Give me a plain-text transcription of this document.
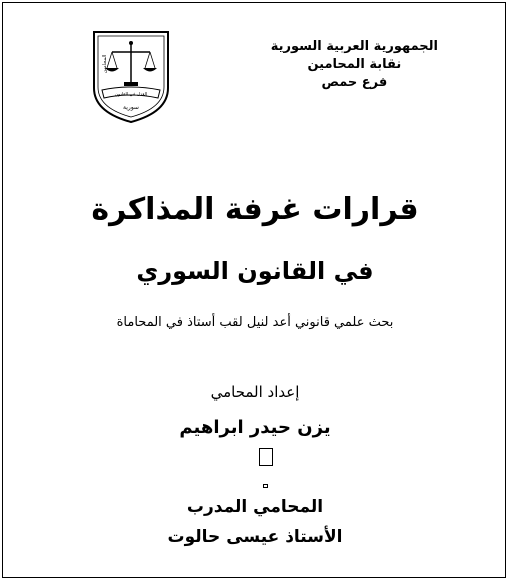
الجمهورية العربية السورية
نقابة المحامين
فرع حمص
العدل في القانون
المحامين
سورية
قرارات غرفة المذاكرة
في القانون السوري
بحث علمي قانوني أعد لنيل لقب أستاذ في المحاماة
إعداد المحامي
يزن حيدر ابراهيم
المحامي المدرب
الأستاذ عيسى حالوت
